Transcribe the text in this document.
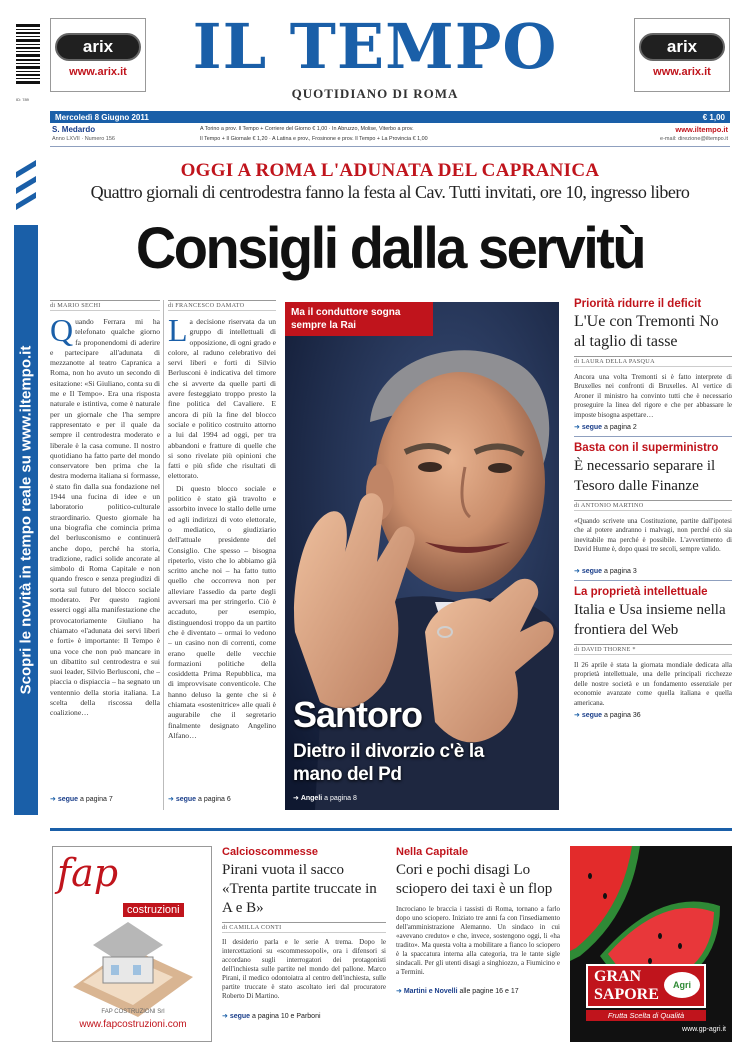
ID: 789
arix
www.arix.it	IL TEMPO
QUOTIDIANO DI ROMA
arix
www.arix.it
Mercoledì 8 Giugno 2011	€ 1,00
S. Medardo
Anno LXVII · Numero 156
A Torino a prov. Il Tempo + Corriere del Giorno € 1,00 · In Abruzzo, Molise, Viterbo a prov.
Il Tempo + Il Giornale € 1,20 · A Latina e prov., Frosinone e prov. Il Tempo + La Provincia € 1,00
www.iltempo.it
e-mail: direzione@iltempo.it
Scopri le novità in tempo reale su www.iltempo.it
OGGI A ROMA L'ADUNATA DEL CAPRANICA
Quattro giornali di centrodestra fanno la festa al Cav. Tutti invitati, ore 10, ingresso libero
Consigli dalla servitù
di MARIO SECHI
Q uando Ferrara mi ha telefonato qualche giorno fa proponendomi di aderire e partecipare all'adunata di mezzanotte al teatro Capranica a Roma, non ho avuto un secondo di esitazione: «Si Giuliano, conta su di me e Il Tempo». Era una risposta naturale e istintiva, come è naturale per un giornale che l'ha sempre rappresentato e per il quale da sempre il centrodestra moderato e liberale è la casa comune. Il nostro quotidiano ha fatto parte del mondo conservatore ben prima che la destra moderna italiana si formasse, è stato fin dalla sua fondazione nel 1944 una fucina di idee e un laboratorio politico-culturale straordinario. Questo giornale ha una biografia che comincia prima del berlusconismo e continuerà anche dopo, perché ha storia, tradizione, radici solide ancorate al simbolo di Roma Capitale e non quando fresco e senza pregiudizi di sorta sul futuro del blocco sociale moderato. Per questo ragioni esserci oggi alla manifestazione che provocatoriamente Giuliano ha chiamato «l'adunata dei servi liberi e forti» è importante: Il Tempo è una voce che non può mancare in un dibattito sul centrodestra e sui suoi leader, Silvio Berlusconi, che – piaccia o dispiaccia – ha segnato un ventennio della storia italiana. La scelta della riscossa della coalizione…
➜ segue a pagina 7
di FRANCESCO DAMATO
L a decisione riservata da un gruppo di intellettuali di opposizione, di ogni grado e colore, al raduno celebrativo dei servi liberi e forti di Silvio Berlusconi è indicativa del timore che si avverte da quelle parti di avere festeggiato troppo presto la fine politica del Cavaliere. E ancora di più la fine del blocco sociale e politico costruito attorno a lui dal 1994 ad oggi, per tra abbandoni e fratture di quelle che si sono rivelate più opinioni che fatti e più sfide che risultati di elettorato.
Di questo blocco sociale e politico è stato già travolto e assorbito invece lo stallo delle urne ed agli indirizzi di voto elettorale, o mediatico, o giudiziario dell'attuale presidente del Consiglio. Che spesso – bisogna ripeterlo, visto che lo abbiamo già scritto anche noi – ha fatto tutto quello che occorreva non per alleviare l'assedio da parte degli avversari ma per stringerlo. Ciò è accaduto, per esempio, distinguendosi troppo da un partito che è diventato – ormai lo vedono – un casino non di correnti, come erano quelle delle vecchie formazioni politiche della cosiddetta Prima Repubblica, ma di improvvisate conventicole. Che hanno deluso la gente che si è chiamata «sostenitrice» alle quali è augurabile che il segretario finalmente designato Angelino Alfano…
➜ segue a pagina 6
Ma il conduttore sogna sempre la Rai
Santoro
Dietro il divorzio c'è la mano del Pd
➜ Angeli a pagina 8
Priorità ridurre il deficit
L'Ue con Tremonti No al taglio di tasse
di LAURA DELLA PASQUA
Ancora una volta Tremonti si è fatto interprete di Bruxelles nei confronti di Bruxelles. Al vertice di Aroner il ministro ha convinto tutti che è necessario proseguire la linea del rigore e che per abbassare le imposte bisogna aspettare…
➜ segue a pagina 2
Basta con il superministro
È necessario separare il Tesoro dalle Finanze
di ANTONIO MARTINO
«Quando scrivete una Costituzione, partite dall'ipotesi che al potere andranno i malvagi, non perché ciò sia inevitabile ma perché è possibile. L'avvertimento di David Hume è, dopo quasi tre secoli, sempre valido.
➜ segue a pagina 3
La proprietà intellettuale
Italia e Usa insieme nella frontiera del Web
di DAVID THORNE *
Il 26 aprile è stata la giornata mondiale dedicata alla proprietà intellettuale, una delle principali ricchezze delle nostre società e un fondamento essenziale per economie avanzate come quella italiana e quella americana.
➜ segue a pagina 36
fap
costruzioni
FAP COSTRUZIONI Srl
www.fapcostruzioni.com
Calcioscommesse
Pirani vuota il sacco «Trenta partite truccate in A e B»
di CAMILLA CONTI
Il desiderio parla e le serie A trema. Dopo le intercettazioni su «scommessopoli», ora i difensori si accordano sugli interrogatori dei protagonisti dell'inchiesta sulle partite nel mondo del pallone. Marco Pirani, il medico odontoiatra al centro dell'inchiesta, sulle partite truccate è stato ascoltato ieri dal procuratore Roberto Di Martino.
➜ segue a pagina 10 e Parboni
Nella Capitale
Cori e pochi disagi Lo sciopero dei taxi è un flop
Incrociano le braccia i tassisti di Roma, tornano a farlo dopo uno sciopero. Iniziato tre anni fa con l'insediamento dell'amministrazione Alemanno. Un sindaco in cui «avevano creduto» e che, invece, sostengono oggi, li «ha tradito». Ma questa volta a mobilitare a fianco lo sciopero è la spaccatura interna alla categoria, tra le tante sigle sindacali. Per gli utenti disagi a singhiozzo, a Fiumicino e a Termini.
➜ Martini e Novelli alle pagine 16 e 17
GRAN
SAPORE
Agri
Frutta Scelta di Qualità
www.gp-agri.it
